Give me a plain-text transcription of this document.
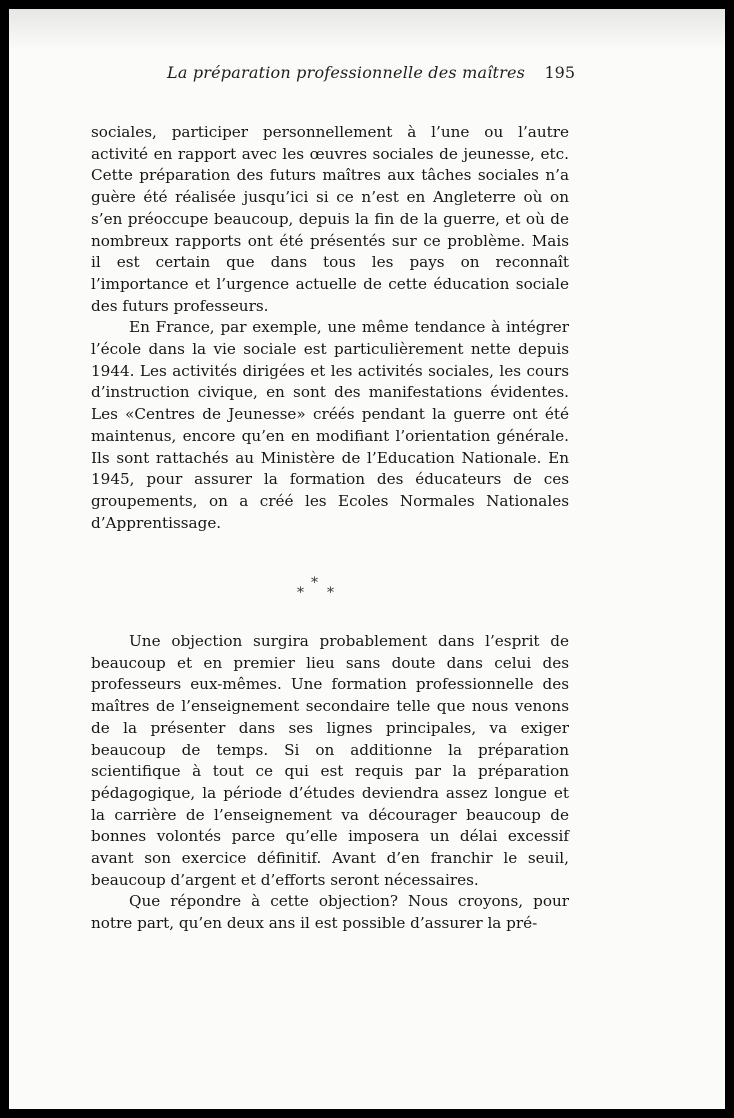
La préparation professionnelle des maîtres 195

sociales, participer personnellement à l’une ou l’autre activité en rapport avec les œuvres sociales de jeunesse, etc. Cette préparation des futurs maîtres aux tâches sociales n’a guère été réalisée jusqu’ici si ce n’est en Angleterre où on s’en préoccupe beaucoup, depuis la fin de la guerre, et où de nombreux rapports ont été présentés sur ce problème. Mais il est certain que dans tous les pays on reconnaît l’importance et l’urgence actuelle de cette éducation sociale des futurs professeurs.

En France, par exemple, une même tendance à intégrer l’école dans la vie sociale est particulièrement nette depuis 1944. Les activités dirigées et les activités sociales, les cours d’instruction civique, en sont des manifestations évidentes. Les «Centres de Jeunesse» créés pendant la guerre ont été maintenus, encore qu’en en modifiant l’orientation générale. Ils sont rattachés au Ministère de l’Education Nationale. En 1945, pour assurer la formation des éducateurs de ces groupements, on a créé les Ecoles Normales Nationales d’Apprentissage.

*
* *

Une objection surgira probablement dans l’esprit de beaucoup et en premier lieu sans doute dans celui des professeurs eux-mêmes. Une formation professionnelle des maîtres de l’enseignement secondaire telle que nous venons de la présenter dans ses lignes principales, va exiger beaucoup de temps. Si on additionne la préparation scientifique à tout ce qui est requis par la préparation pédagogique, la période d’études deviendra assez longue et la carrière de l’enseignement va décourager beaucoup de bonnes volontés parce qu’elle imposera un délai excessif avant son exercice définitif. Avant d’en franchir le seuil, beaucoup d’argent et d’efforts seront nécessaires.

Que répondre à cette objection? Nous croyons, pour notre part, qu’en deux ans il est possible d’assurer la pré-
